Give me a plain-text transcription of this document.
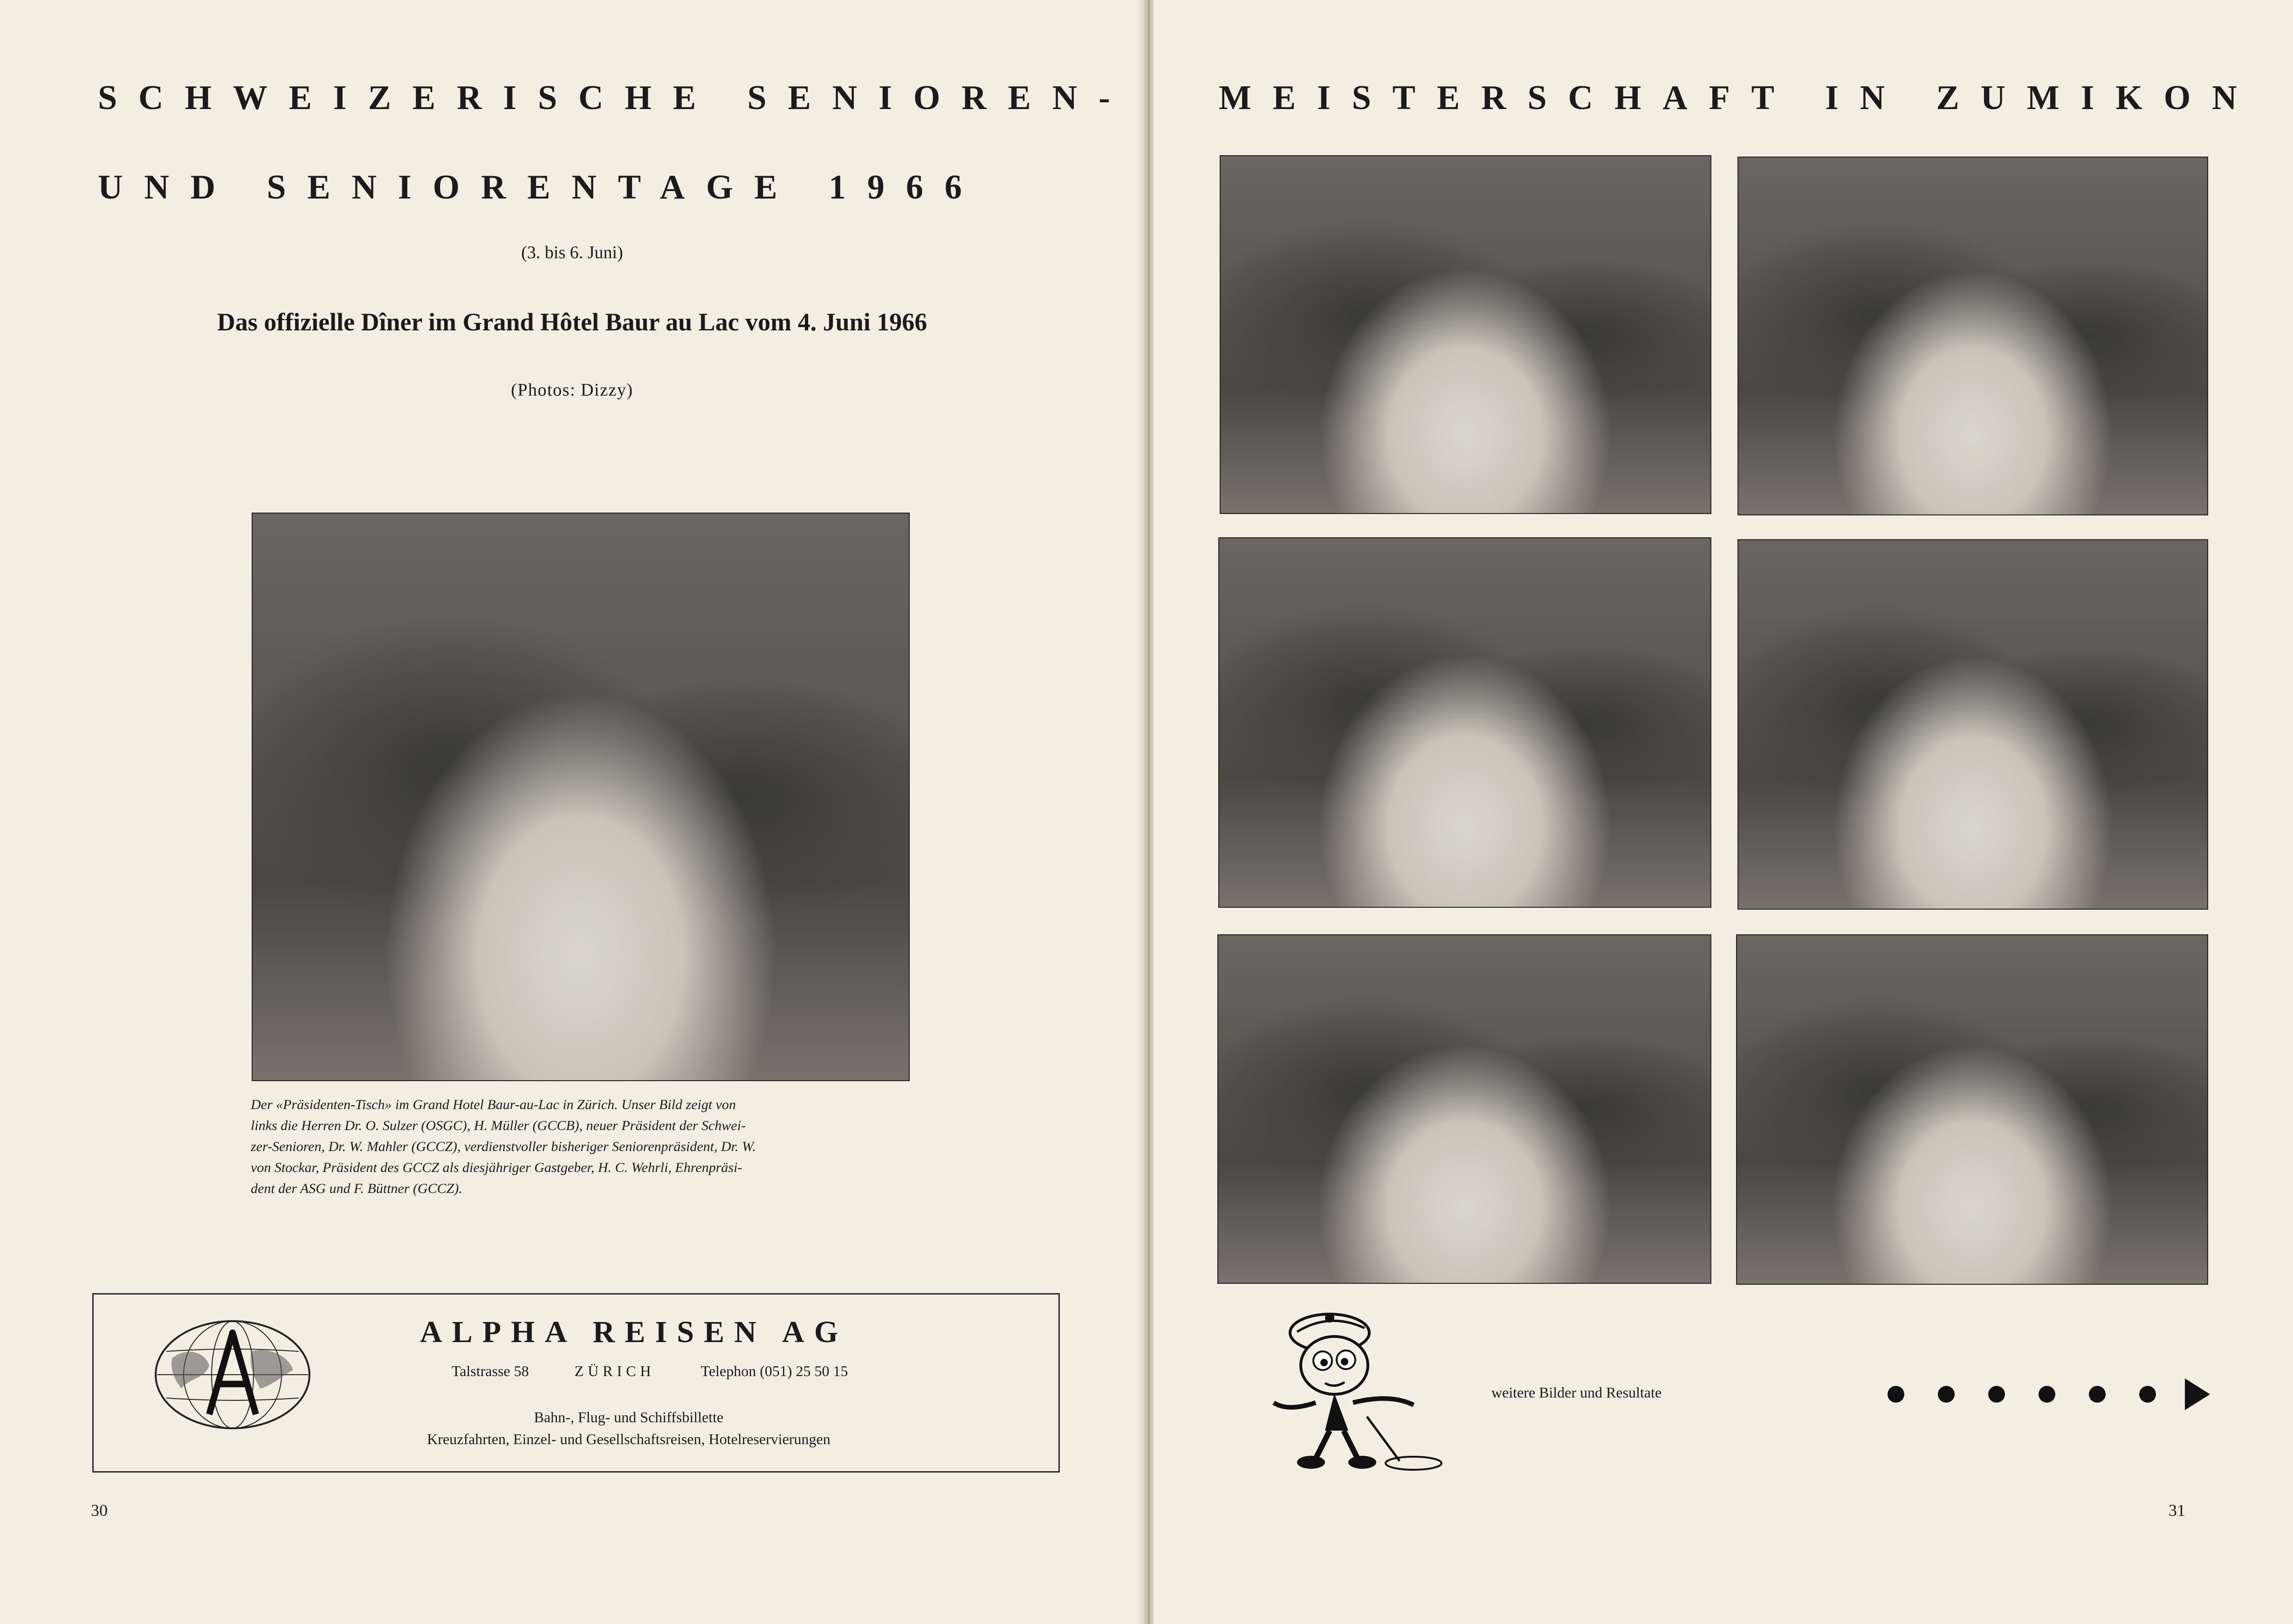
SCHWEIZERISCHE SENIOREN-
UND SENIORENTAGE 1966
(3. bis 6. Juni)
Das offizielle Dîner im Grand Hôtel Baur au Lac vom 4. Juni 1966
(Photos: Dizzy)
Der «Präsidenten-Tisch» im Grand Hotel Baur-au-Lac in Zürich. Unser Bild zeigt von
links die Herren Dr. O. Sulzer (OSGC), H. Müller (GCCB), neuer Präsident der Schwei-
zer-Senioren, Dr. W. Mahler (GCCZ), verdienstvoller bisheriger Seniorenpräsident, Dr. W.
von Stockar, Präsident des GCCZ als diesjähriger Gastgeber, H. C. Wehrli, Ehrenpräsi-
dent der ASG und F. Büttner (GCCZ).
ALPHA REISEN AG
Talstrasse 58	ZÜRICH	Telephon (051) 25 50 15
Bahn-, Flug- und Schiffsbillette
Kreuzfahrten, Einzel- und Gesellschaftsreisen, Hotelreservierungen
30
MEISTERSCHAFT IN ZUMIKON
weitere Bilder und Resultate
31
